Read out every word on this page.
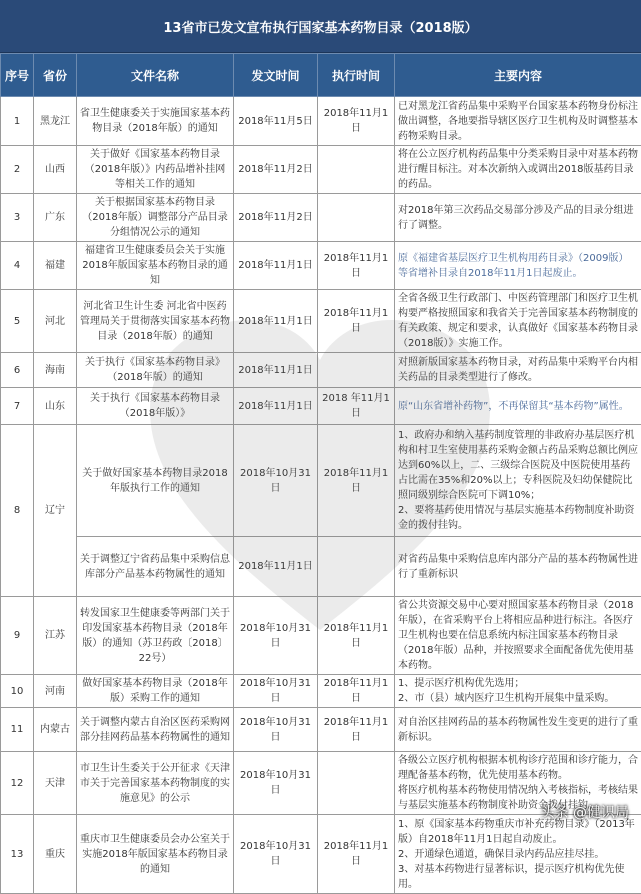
13省市已发文宣布执行国家基本药物目录（2018版）
序号	省份	文件名称	发文时间	执行时间	主要内容
1	黑龙江	省卫生健康委关于实施国家基本药物目录（2018年版）的通知	2018年11月5日	2018年11月1日	已对黑龙江省药品集中采购平台国家基本药物身份标注做出调整，各地要指导辖区医疗卫生机构及时调整基本药物采购目录。
2	山西	关于做好《国家基本药物目录（2018年版）》内药品增补挂网等相关工作的通知	2018年11月2日		将在公立医疗机构药品集中分类采购目录中对基本药物进行醒目标注。对本次新纳入或调出2018版基药目录的药品。
3	广东	关于根据国家基本药物目录（2018年版）调整部分产品目录分组情况公示的通知	2018年11月2日		对2018年第三次药品交易部分涉及产品的目录分组进行了调整。
4	福建	福建省卫生健康委员会关于实施2018年版国家基本药物目录的通知	2018年11月1日	2018年11月1日	原《福建省基层医疗卫生机构用药目录》（2009版）等省增补目录自2018年11月1日起废止。
5	河北	河北省卫生计生委 河北省中医药管理局关于贯彻落实国家基本药物目录（2018年版）的通知	2018年11月1日	2018年11月1日	全省各级卫生行政部门、中医药管理部门和医疗卫生机构要严格按照国家和我省关于完善国家基本药物制度的有关政策、规定和要求，认真做好《国家基本药物目录（2018版）》实施工作。
6	海南	关于执行《国家基本药物目录》（2018年版）的通知	2018年11月1日		对照新版国家基本药物目录，对药品集中采购平台内相关药品的目录类型进行了修改。
7	山东	关于执行《国家基本药物目录（2018年版）》	2018年11月1日	2018 年11月1日	原“山东省增补药物”，不再保留其“基本药物”属性。
8	辽宁	关于做好国家基本药物目录2018年版执行工作的通知	2018年10月31日	2018年11月1日	1、政府办和纳入基药制度管理的非政府办基层医疗机构和村卫生室使用基药采购金额占药品采购总额比例应达到60%以上，二、三级综合医院及中医院使用基药占比需在35%和20%以上；专科医院及妇幼保健院比照同级别综合医院可下调10%；
2、要将基药使用情况与基层实施基本药物制度补助资金的拨付挂钩。
		关于调整辽宁省药品集中采购信息库部分产品基本药物属性的通知	2018年11月1日		对省药品集中采购信息库内部分产品的基本药物属性进行了重新标识
9	江苏	转发国家卫生健康委等两部门关于印发国家基本药物目录（2018年版）的通知（苏卫药政〔2018〕22号）	2018年10月31日	2018年11月1日	省公共资源交易中心要对照国家基本药物目录（2018年版），在省采购平台上将相应品种进行标注。各医疗卫生机构也要在信息系统内标注国家基本药物目录（2018年版）品种，并按照要求全面配备优先使用基本药物。
10	河南	做好国家基本药物目录（2018年版）采购工作的通知	2018年10月31日	2018年11月1日	1、提示医疗机构优先选用；
2、市（县）域内医疗卫生机构开展集中量采购。
11	内蒙古	关于调整内蒙古自治区医药采购网部分挂网药品基本药物属性的通知	2018年10月31日	2018年11月1日	对自治区挂网药品的基本药物属性发生变更的进行了重新标识。
12	天津	市卫生计生委关于公开征求《天津市关于完善国家基本药物制度的实施意见》的公示	2018年10月31日		各级公立医疗机构根据本机构诊疗范围和诊疗能力，合理配备基本药物，优先使用基本药物。
将医疗机构基本药物使用情况纳入考核指标，考核结果与基层实施基本药物制度补助资金拨付挂钩。
13	重庆	重庆市卫生健康委员会办公室关于实施2018年版国家基本药物目录的通知	2018年10月31日	2018年11月1日	1、原《国家基本药物重庆市补充药物目录》（2013年版）自2018年11月1日起自动废止。
2、开通绿色通道，确保目录内药品应挂尽挂。
3、对基本药物进行显著标识，提示医疗机构优先使用。
头条 @健识局
